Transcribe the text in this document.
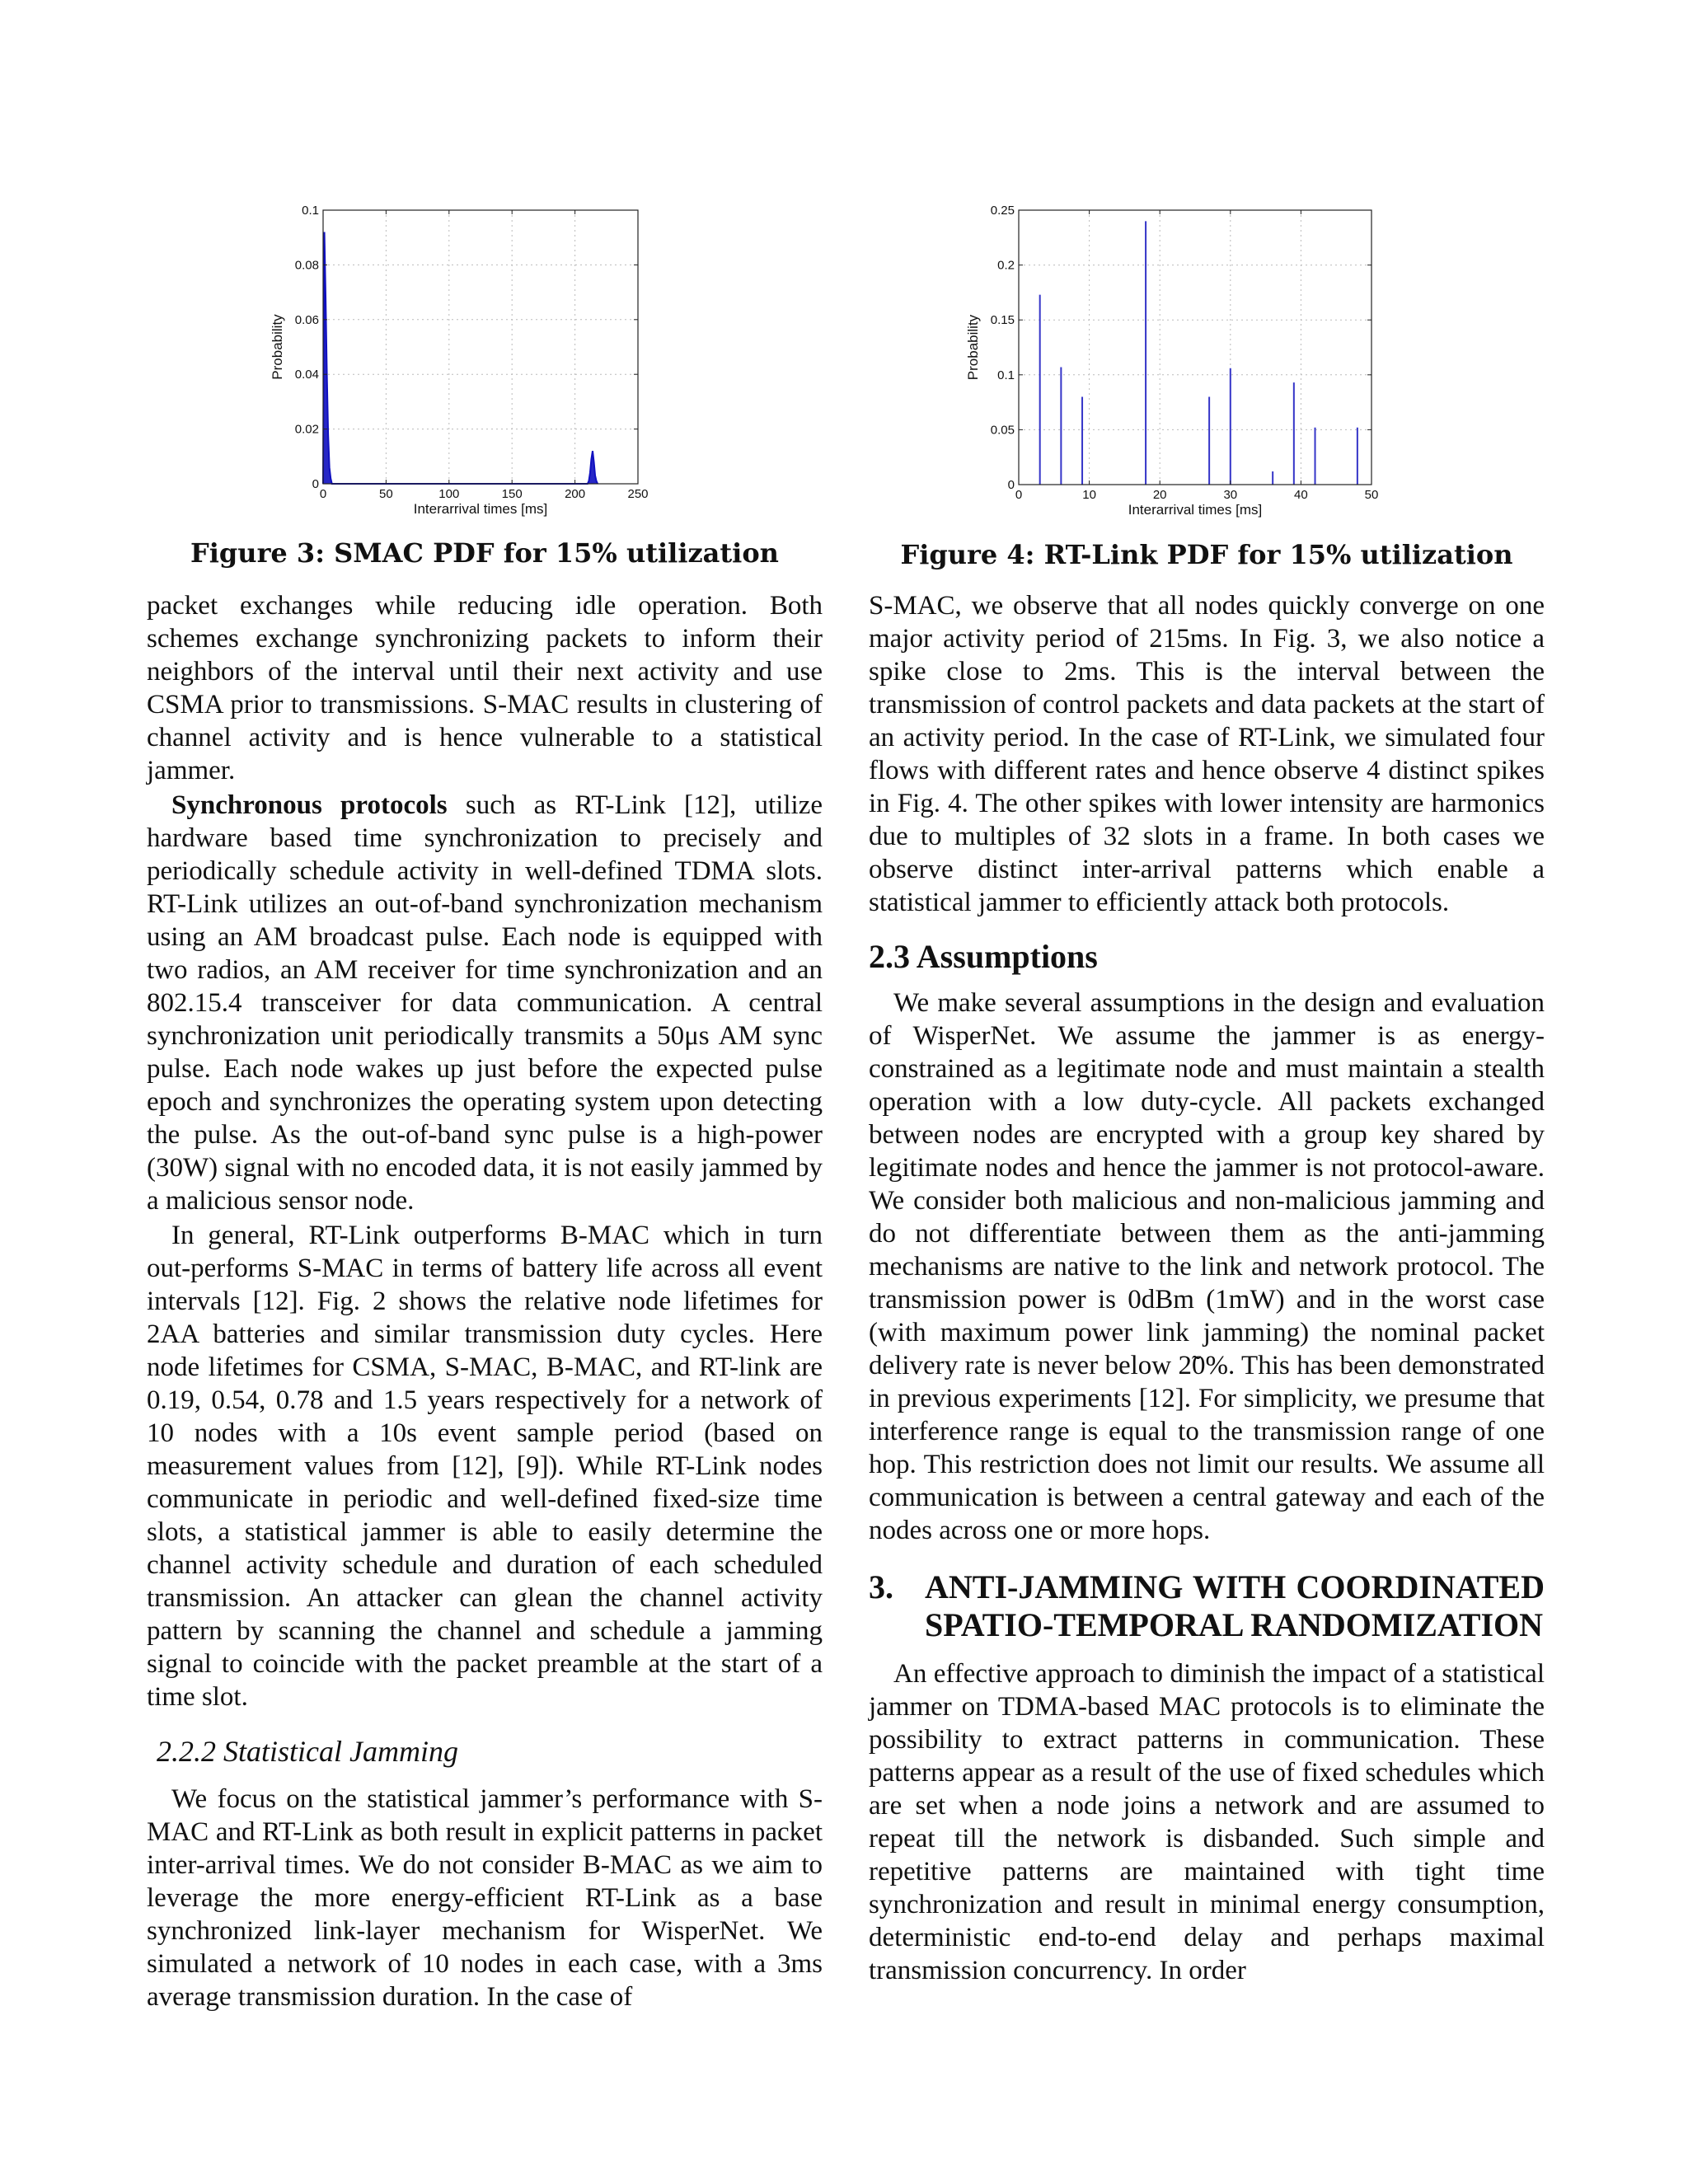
0	50	100	150	200	250
0
0.02
0.04
0.06
0.08
0.1
Interarrival times [ms]
Probability
Figure 3: SMAC PDF for 15% utilization
0	10	20	30	40	50
0
0.05
0.1
0.15
0.2
0.25
Interarrival times [ms]
Probability
Figure 4: RT-Link PDF for 15% utilization

packet exchanges while reducing idle operation. Both schemes exchange synchronizing packets to inform their neighbors of the interval until their next activity and use CSMA prior to transmissions. S-MAC results in clustering of channel activity and is hence vulnerable to a statistical jammer.

Synchronous protocols such as RT-Link [12], utilize hardware based time synchronization to precisely and periodically schedule activity in well-defined TDMA slots. RT-Link utilizes an out-of-band synchronization mechanism using an AM broadcast pulse. Each node is equipped with two radios, an AM receiver for time synchronization and an 802.15.4 transceiver for data communication. A central synchronization unit periodically transmits a 50μs AM sync pulse. Each node wakes up just before the expected pulse epoch and synchronizes the operating system upon detecting the pulse. As the out-of-band sync pulse is a high-power (30W) signal with no encoded data, it is not easily jammed by a malicious sensor node.

In general, RT-Link outperforms B-MAC which in turn out-performs S-MAC in terms of battery life across all event intervals [12]. Fig. 2 shows the relative node lifetimes for 2AA batteries and similar transmission duty cycles. Here node lifetimes for CSMA, S-MAC, B-MAC, and RT-link are 0.19, 0.54, 0.78 and 1.5 years respectively for a network of 10 nodes with a 10s event sample period (based on measurement values from [12], [9]). While RT-Link nodes communicate in periodic and well-defined fixed-size time slots, a statistical jammer is able to easily determine the channel activity schedule and duration of each scheduled transmission. An attacker can glean the channel activity pattern by scanning the channel and schedule a jamming signal to coincide with the packet preamble at the start of a time slot.

2.2.2 Statistical Jamming

We focus on the statistical jammer’s performance with S-MAC and RT-Link as both result in explicit patterns in packet inter-arrival times. We do not consider B-MAC as we aim to leverage the more energy-efficient RT-Link as a base synchronized link-layer mechanism for WisperNet. We simulated a network of 10 nodes in each case, with a 3ms average transmission duration. In the case of

S-MAC, we observe that all nodes quickly converge on one major activity period of 215ms. In Fig. 3, we also notice a spike close to 2ms. This is the interval between the transmission of control packets and data packets at the start of an activity period. In the case of RT-Link, we simulated four flows with different rates and hence observe 4 distinct spikes in Fig. 4. The other spikes with lower intensity are harmonics due to multiples of 32 slots in a frame. In both cases we observe distinct inter-arrival patterns which enable a statistical jammer to efficiently attack both protocols.

2.3 Assumptions

We make several assumptions in the design and evaluation of WisperNet. We assume the jammer is as energy-constrained as a legitimate node and must maintain a stealth operation with a low duty-cycle. All packets exchanged between nodes are encrypted with a group key shared by legitimate nodes and hence the jammer is not protocol-aware. We consider both malicious and non-malicious jamming and do not differentiate between them as the anti-jamming mechanisms are native to the link and network protocol. The transmission power is 0dBm (1mW) and in the worst case (with maximum power link jamming) the nominal packet delivery rate is never below 2̃0%. This has been demonstrated in previous experiments [12]. For simplicity, we presume that interference range is equal to the transmission range of one hop. This restriction does not limit our results. We assume all communication is between a central gateway and each of the nodes across one or more hops.

3. ANTI-JAMMING WITH COORDINATED SPATIO-TEMPORAL RANDOMIZATION

An effective approach to diminish the impact of a statistical jammer on TDMA-based MAC protocols is to eliminate the possibility to extract patterns in communication. These patterns appear as a result of the use of fixed schedules which are set when a node joins a network and are assumed to repeat till the network is disbanded. Such simple and repetitive patterns are maintained with tight time synchronization and result in minimal energy consumption, deterministic end-to-end delay and perhaps maximal transmission concurrency. In order
